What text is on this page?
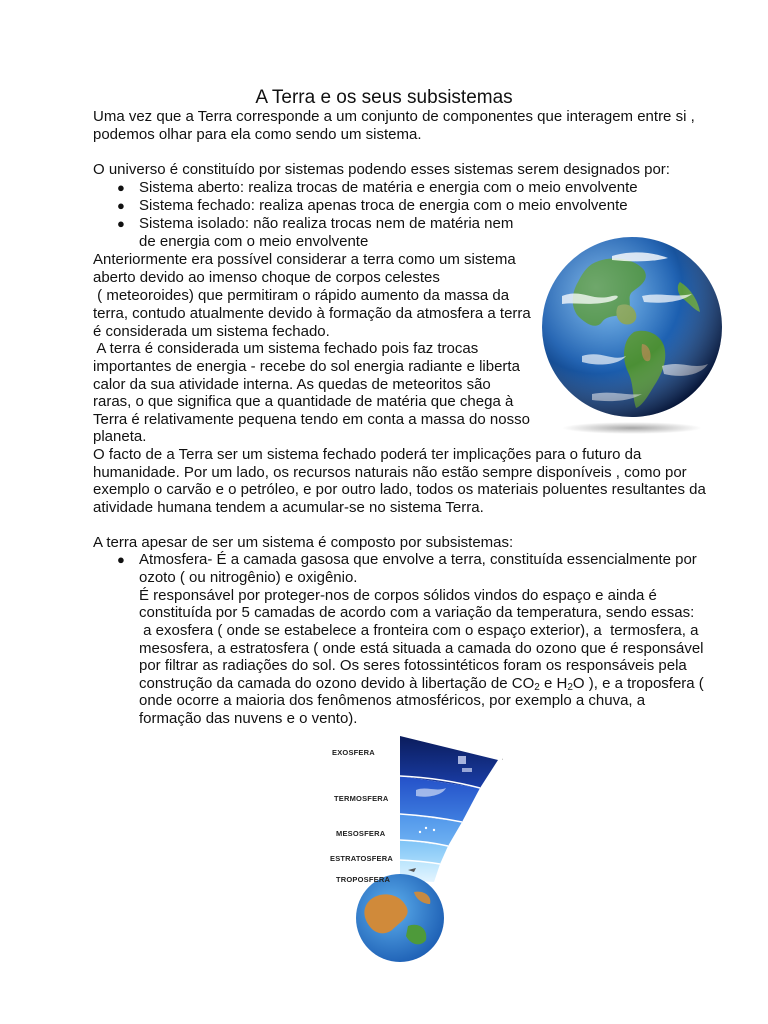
A Terra e os seus subsistemas
Uma vez que a Terra corresponde a um conjunto de componentes que interagem entre si ,
podemos olhar para ela como sendo um sistema.
O universo é constituído por sistemas podendo esses sistemas serem designados por:
● Sistema aberto: realiza trocas de matéria e energia com o meio envolvente
● Sistema fechado: realiza apenas troca de energia com o meio envolvente
● Sistema isolado: não realiza trocas nem de matéria nem
de energia com o meio envolvente
Anteriormente era possível considerar a terra como um sistema
aberto devido ao imenso choque de corpos celestes
( meteoroides) que permitiram o rápido aumento da massa da
terra, contudo atualmente devido à formação da atmosfera a terra
é considerada um sistema fechado.
A terra é considerada um sistema fechado pois faz trocas
importantes de energia - recebe do sol energia radiante e liberta
calor da sua atividade interna. As quedas de meteoritos são
raras, o que significa que a quantidade de matéria que chega à
Terra é relativamente pequena tendo em conta a massa do nosso
planeta.
O facto de a Terra ser um sistema fechado poderá ter implicações para o futuro da
humanidade. Por um lado, os recursos naturais não estão sempre disponíveis , como por
exemplo o carvão e o petróleo, e por outro lado, todos os materiais poluentes resultantes da
atividade humana tendem a acumular-se no sistema Terra.
A terra apesar de ser um sistema é composto por subsistemas:
● Atmosfera- É a camada gasosa que envolve a terra, constituída essencialmente por
ozoto ( ou nitrogênio) e oxigênio.
É responsável por proteger-nos de corpos sólidos vindos do espaço e ainda é
constituída por 5 camadas de acordo com a variação da temperatura, sendo essas:
a exosfera ( onde se estabelece a fronteira com o espaço exterior), a  termosfera, a
mesosfera, a estratosfera ( onde está situada a camada do ozono que é responsável
por filtrar as radiações do sol. Os seres fotossintéticos foram os responsáveis pela
construção da camada do ozono devido à libertação de $CO_2$ e $H_2O$ ), e a troposfera (
onde ocorre a maioria dos fenômenos atmosféricos, por exemplo a chuva, a
formação das nuvens e o vento).
•
EXOSFERA
TERMOSFERA
MESOSFERA
ESTRATOSFERA
TROPOSFERA
